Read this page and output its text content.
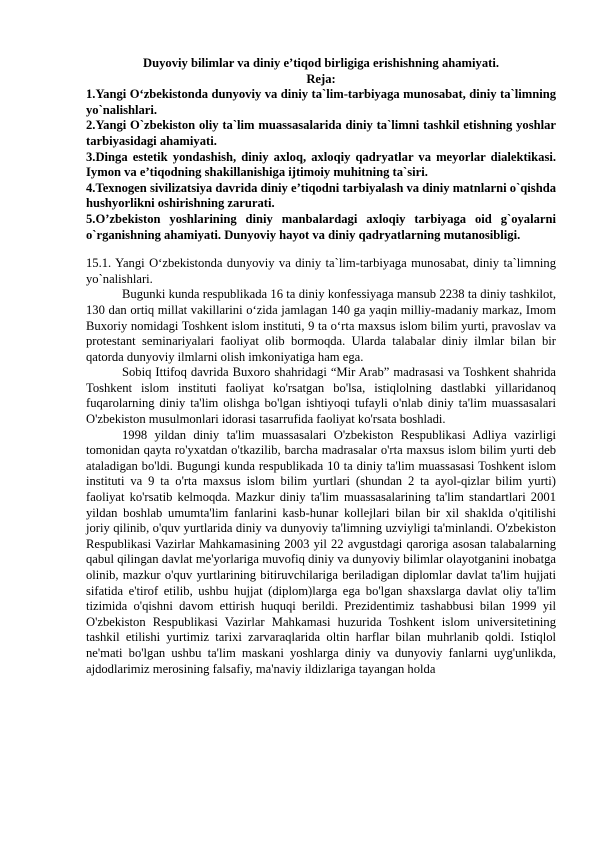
Duyoviy bilimlar va diniy e’tiqod birligiga erishishning ahamiyati.
Reja:
1.Yangi O‘zbekistonda dunyoviy va diniy ta`lim-tarbiyaga munosabat, diniy ta`limning yo`nalishlari.
2.Yangi O`zbekiston oliy ta`lim muassasalarida diniy ta`limni tashkil etishning yoshlar tarbiyasidagi ahamiyati.
3.Dinga estetik yondashish, diniy axloq, axloqiy qadryatlar va meyorlar dialektikasi. Iymon va e’tiqodning shakillanishiga ijtimoiy muhitning ta`siri.
4.Texnogen sivilizatsiya davrida diniy e’tiqodni tarbiyalash va diniy matnlarni o`qishda hushyorlikni oshirishning zarurati.
5.O’zbekiston yoshlarining diniy manbalardagi axloqiy tarbiyaga oid g`oyalarni o`rganishning ahamiyati. Dunyoviy hayot va diniy qadryatlarning mutanosibligi.

15.1. Yangi O‘zbekistonda dunyoviy va diniy ta`lim-tarbiyaga munosabat, diniy ta`limning yo`nalishlari.

Bugunki kunda respublikada 16 ta diniy konfessiyaga mansub 2238 ta diniy tashkilot, 130 dan ortiq millat vakillarini o‘zida jamlagan 140 ga yaqin milliy-madaniy markaz, Imom Buxoriy nomidagi Toshkent islom instituti, 9 ta o‘rta maxsus islom bilim yurti, pravoslav va protestant seminariyalari faoliyat olib bormoqda. Ularda talabalar diniy ilmlar bilan bir qatorda dunyoviy ilmlarni olish imkoniyatiga ham ega.

Sobiq Ittifoq davrida Buxoro shahridagi “Mir Arab” madrasasi va Toshkent shahrida Toshkent islom instituti faoliyat ko'rsatgan bo'lsa, istiqlolning dastlabki yillaridanoq fuqarolarning diniy ta'lim olishga bo'lgan ishtiyoqi tufayli o'nlab diniy ta'lim muassasalari O'zbekiston musulmonlari idorasi tasarrufida faoliyat ko'rsata boshladi.

1998 yildan diniy ta'lim muassasalari O'zbekiston Respublikasi Adliya vazirligi tomonidan qayta ro'yxatdan o'tkazilib, barcha madrasalar o'rta maxsus islom bilim yurti deb ataladigan bo'ldi. Bugungi kunda respublikada 10 ta diniy ta'lim muassasasi Toshkent islom instituti va 9 ta o'rta maxsus islom bilim yurtlari (shundan 2 ta ayol-qizlar bilim yurti) faoliyat ko'rsatib kelmoqda. Mazkur diniy ta'lim muassasalarining ta'lim standartlari 2001 yildan boshlab umumta'lim fanlarini kasb-hunar kollejlari bilan bir xil shaklda o'qitilishi joriy qilinib, o'quv yurtlarida diniy va dunyoviy ta'limning uzviyligi ta'minlandi. O'zbekiston Respublikasi Vazirlar Mahkamasining 2003 yil 22 avgustdagi qaroriga asosan talabalarning qabul qilingan davlat me'yorlariga muvofiq diniy va dunyoviy bilimlar olayotganini inobatga olinib, mazkur o'quv yurtlarining bitiruvchilariga beriladigan diplomlar davlat ta'lim hujjati sifatida e'tirof etilib, ushbu hujjat (diplom)larga ega bo'lgan shaxslarga davlat oliy ta'lim tizimida o'qishni davom ettirish huquqi berildi. Prezidentimiz tashabbusi bilan 1999 yil O'zbekiston Respublikasi Vazirlar Mahkamasi huzurida Toshkent islom universitetining tashkil etilishi yurtimiz tarixi zarvaraqlarida oltin harflar bilan muhrlanib qoldi. Istiqlol ne'mati bo'lgan ushbu ta'lim maskani yoshlarga diniy va dunyoviy fanlarni uyg'unlikda, ajdodlarimiz merosining falsafiy, ma'naviy ildizlariga tayangan holda
